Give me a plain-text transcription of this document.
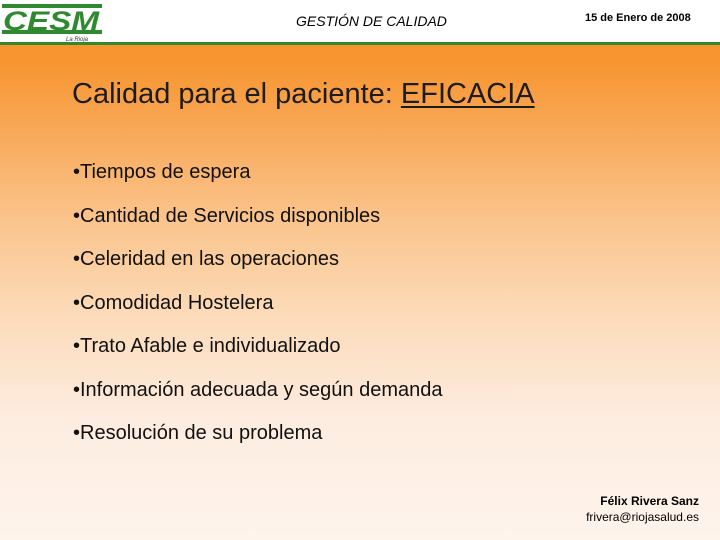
CESM
La Rioja
GESTIÓN DE CALIDAD	15 de Enero de 2008
Calidad para el paciente: EFICACIA
•Tiempos de espera
•Cantidad de Servicios disponibles
•Celeridad en las operaciones
•Comodidad Hostelera
•Trato Afable e individualizado
•Información adecuada y según demanda
•Resolución de su problema
Félix Rivera Sanz
frivera@riojasalud.es
